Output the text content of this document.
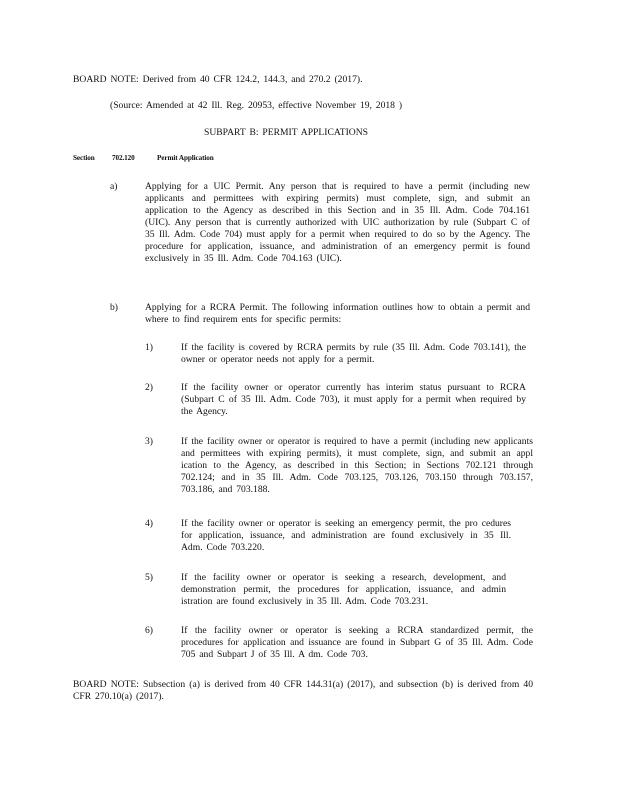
BOARD NOTE: Derived from 40 CFR 124.2, 144.3, and 270.2 (2017).
(Source: Amended at 42 Ill. Reg. 20953, effective November 19, 2018 )
SUBPART B: PERMIT APPLICATIONS
Section 702.120	Permit Application
a)	Applying for a UIC Permit. Any person that is required to have a permit (including new applicants and permittees with expiring permits) must complete, sign, and submit an application to the Agency as described in this Section and in 35 Ill. Adm. Code 704.161 (UIC). Any person that is currently authorized with UIC authorization by rule (Subpart C of 35 Ill. Adm. Code 704) must apply for a permit when required to do so by the Agency. The procedure for application, issuance, and administration of an emergency permit is found exclusively in 35 Ill. Adm. Code 704.163 (UIC).
b)	Applying for a RCRA Permit. The following information outlines how to obtain a permit and where to find requirem ents for specific permits:
1)	If the facility is covered by RCRA permits by rule (35 Ill. Adm. Code 703.141), the owner or operator needs not apply for a permit.
2)	If the facility owner or operator currently has interim status pursuant to RCRA (Subpart C of 35 Ill. Adm. Code 703), it must apply for a permit when required by the Agency.
3)	If the facility owner or operator is required to have a permit (including new applicants and permittees with expiring permits), it must complete, sign, and submit an appl ication to the Agency, as described in this Section; in Sections 702.121 through 702.124; and in 35 Ill. Adm. Code 703.125, 703.126, 703.150 through 703.157, 703.186, and 703.188.
4)	If the facility owner or operator is seeking an emergency permit, the pro cedures for application, issuance, and administration are found exclusively in 35 Ill. Adm. Code 703.220.
5)	If the facility owner or operator is seeking a research, development, and demonstration permit, the procedures for application, issuance, and admin istration are found exclusively in 35 Ill. Adm. Code 703.231.
6)	If the facility owner or operator is seeking a RCRA standardized permit, the procedures for application and issuance are found in Subpart G of 35 Ill. Adm. Code 705 and Subpart J of 35 Ill. A dm. Code 703.
BOARD NOTE: Subsection (a) is derived from 40 CFR 144.31(a) (2017), and subsection (b) is derived from 40 CFR 270.10(a) (2017).
